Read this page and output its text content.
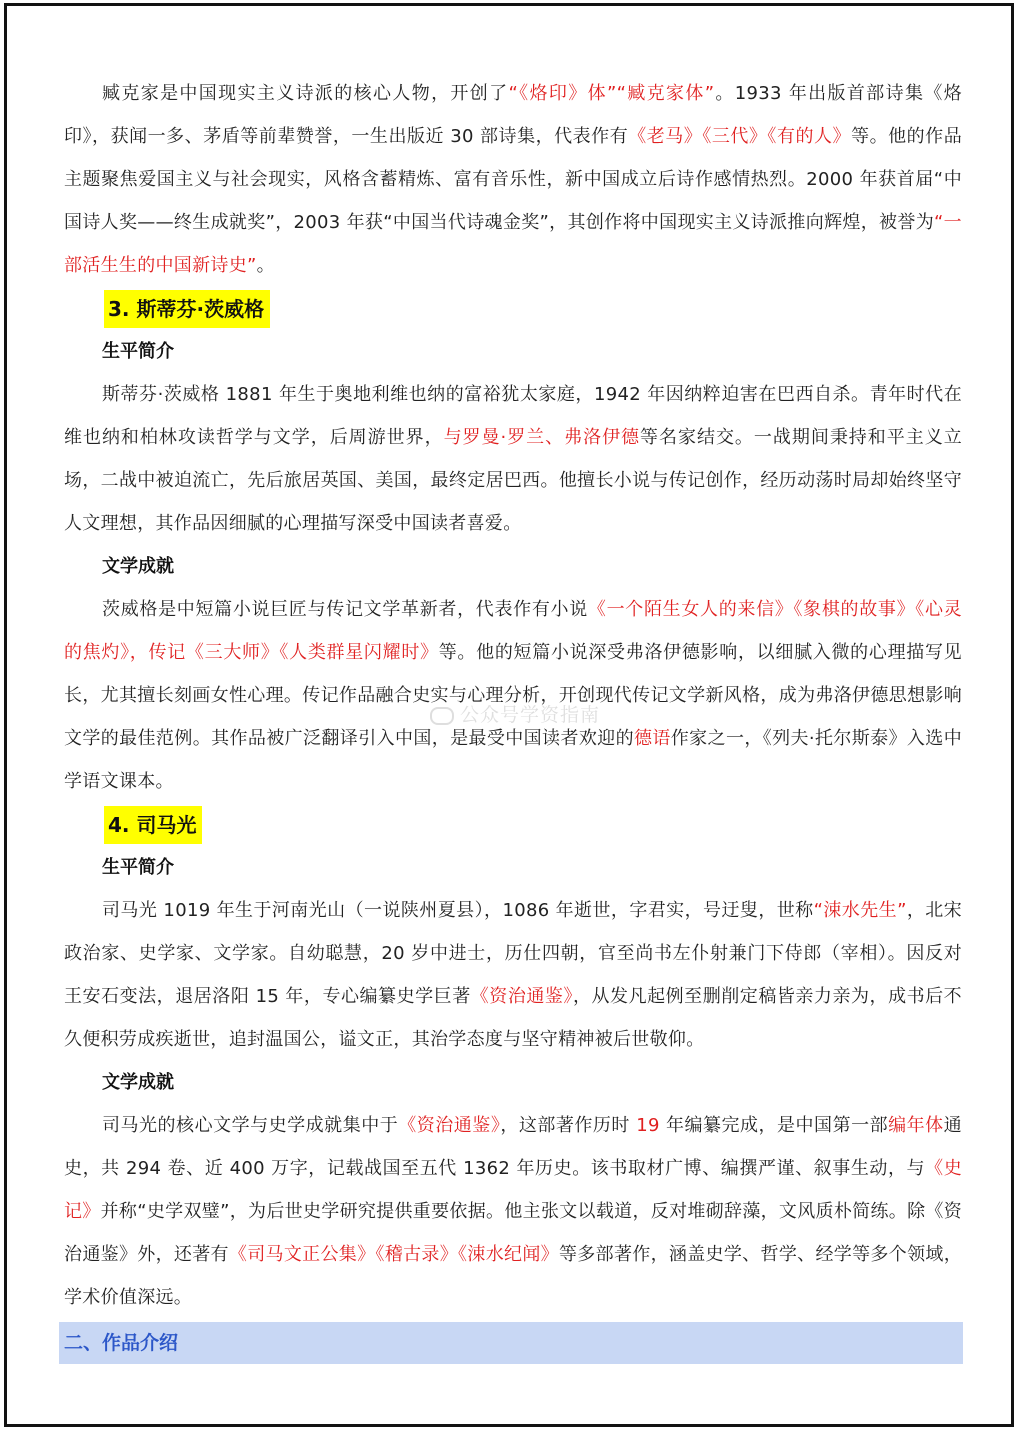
臧克家是中国现实主义诗派的核心人物，开创了“《烙印》体”“臧克家体”。1933 年出版首部诗集《烙印》，获闻一多、茅盾等前辈赞誉，一生出版近 30 部诗集，代表作有《老马》《三代》《有的人》等。他的作品主题聚焦爱国主义与社会现实，风格含蓄精炼、富有音乐性，新中国成立后诗作感情热烈。2000 年获首届“中国诗人奖——终生成就奖”，2003 年获“中国当代诗魂金奖”，其创作将中国现实主义诗派推向辉煌，被誉为“一部活生生的中国新诗史”。

3. 斯蒂芬·茨威格
生平简介

斯蒂芬·茨威格 1881 年生于奥地利维也纳的富裕犹太家庭，1942 年因纳粹迫害在巴西自杀。青年时代在维也纳和柏林攻读哲学与文学，后周游世界，与罗曼·罗兰、弗洛伊德等名家结交。一战期间秉持和平主义立场，二战中被迫流亡，先后旅居英国、美国，最终定居巴西。他擅长小说与传记创作，经历动荡时局却始终坚守人文理想，其作品因细腻的心理描写深受中国读者喜爱。

文学成就

茨威格是中短篇小说巨匠与传记文学革新者，代表作有小说《一个陌生女人的来信》《象棋的故事》《心灵的焦灼》，传记《三大师》《人类群星闪耀时》等。他的短篇小说深受弗洛伊德影响，以细腻入微的心理描写见长，尤其擅长刻画女性心理。传记作品融合史实与心理分析，开创现代传记文学新风格，成为弗洛伊德思想影响文学的最佳范例。其作品被广泛翻译引入中国，是最受中国读者欢迎的德语作家之一，《列夫·托尔斯泰》入选中学语文课本。

4. 司马光
生平简介

司马光 1019 年生于河南光山（一说陕州夏县），1086 年逝世，字君实，号迂叟，世称“涑水先生”，北宋政治家、史学家、文学家。自幼聪慧，20 岁中进士，历仕四朝，官至尚书左仆射兼门下侍郎（宰相）。因反对王安石变法，退居洛阳 15 年，专心编纂史学巨著《资治通鉴》，从发凡起例至删削定稿皆亲力亲为，成书后不久便积劳成疾逝世，追封温国公，谥文正，其治学态度与坚守精神被后世敬仰。

文学成就

司马光的核心文学与史学成就集中于《资治通鉴》，这部著作历时 19 年编纂完成，是中国第一部编年体通史，共 294 卷、近 400 万字，记载战国至五代 1362 年历史。该书取材广博、编撰严谨、叙事生动，与《史记》并称“史学双璧”，为后世史学研究提供重要依据。他主张文以载道，反对堆砌辞藻，文风质朴简练。除《资治通鉴》外，还著有《司马文正公集》《稽古录》《涑水纪闻》等多部著作，涵盖史学、哲学、经学等多个领域，学术价值深远。

二、作品介绍
公众号学资指南
